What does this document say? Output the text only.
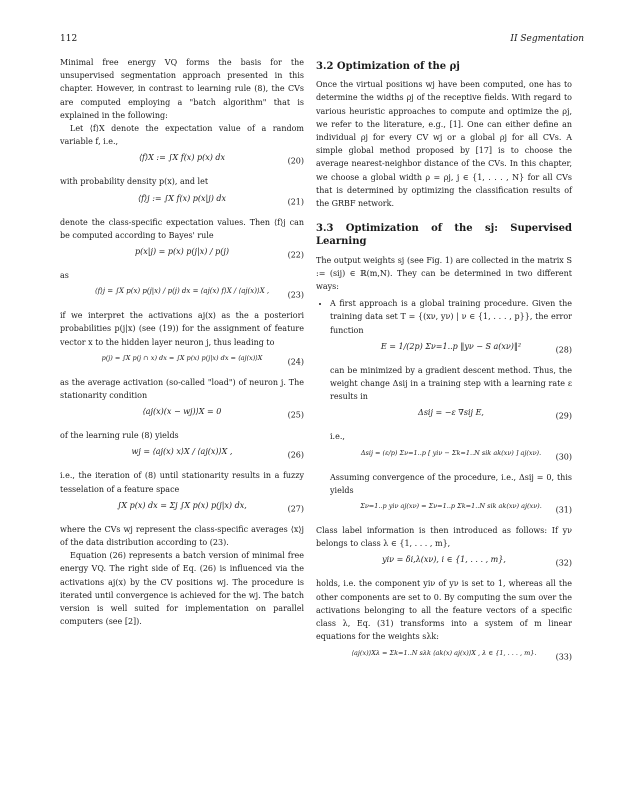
112	II Segmentation

Minimal free energy VQ forms the basis for the unsupervised segmentation approach presented in this chapter. However, in contrast to learning rule (8), the CVs are computed employing a "batch algorithm" that is explained in the following:

Let ⟨f⟩X denote the expectation value of a random variable f, i.e.,

⟨f⟩X := ∫X f(x) p(x) dx	(20)

with probability density p(x), and let

⟨f⟩j := ∫X f(x) p(x|j) dx	(21)

denote the class-specific expectation values. Then ⟨f⟩j can be computed according to Bayes' rule

p(x|j) = p(x) p(j|x) / p(j)	(22)

as

⟨f⟩j = ∫X p(x) p(j|x) / p(j) dx = ⟨aj(x) f⟩X / ⟨aj(x)⟩X , (23)

if we interpret the activations aj(x) as the a posteriori probabilities p(j|x) (see (19)) for the assignment of feature vector x to the hidden layer neuron j, thus leading to

p(j) = ∫X p(j ∩ x) dx = ∫X p(x) p(j|x) dx = ⟨aj(x)⟩X	(24)

as the average activation (so-called "load") of neuron j. The stationarity condition

⟨aj(x)(x − wj)⟩X = 0	(25)

of the learning rule (8) yields

wj = ⟨aj(x) x⟩X / ⟨aj(x)⟩X ,	(26)

i.e., the iteration of (8) until stationarity results in a fuzzy tesselation of a feature space

∫X p(x) dx = Σj ∫X p(x) p(j|x) dx,	(27)

where the CVs wj represent the class-specific averages ⟨x⟩j of the data distribution according to (23).

Equation (26) represents a batch version of minimal free energy VQ. The right side of Eq. (26) is influenced via the activations aj(x) by the CV positions wj. The procedure is iterated until convergence is achieved for the wj. The batch version is well suited for implementation on parallel computers (see [2]).

3.2 Optimization of the ρj

Once the virtual positions wj have been computed, one has to determine the widths ρj of the receptive fields. With regard to various heuristic approaches to compute and optimize the ρj, we refer to the literature, e.g., [1]. One can either define an individual ρj for every CV wj or a global ρj for all CVs. A simple global method proposed by [17] is to choose the average nearest-neighbor distance of the CVs. In this chapter, we choose a global width ρ = ρj, j ∈ {1, . . . , N} for all CVs that is determined by optimizing the classification results of the GRBF network.

3.3 Optimization of the sj: Supervised Learning

The output weights sj (see Fig. 1) are collected in the matrix S := (sij) ∈ ℝ(m,N). They can be determined in two different ways:

• A first approach is a global training procedure. Given the training data set T = {(xν, yν) | ν ∈ {1, . . . , p}}, the error function

E = 1/(2p) Σν=1..p ‖yν − S a(xν)‖²	(28)

can be minimized by a gradient descent method. Thus, the weight change Δsij in a training step with a learning rate ε results in

Δsij = −ε ∇sij E,	(29)

i.e.,

Δsij = (ε/p) Σν=1..p [ yiν − Σk=1..N sik ak(xν) ] aj(xν). (30)

Assuming convergence of the procedure, i.e., Δsij = 0, this yields

Σν=1..p yiν aj(xν) = Σν=1..p Σk=1..N sik ak(xν) aj(xν). (31)

Class label information is then introduced as follows: If yν belongs to class λ ∈ {1, . . . , m},

yiν = δi,λ(xν), i ∈ {1, . . . , m},	(32)

holds, i.e. the component yiν of yν is set to 1, whereas all the other components are set to 0. By computing the sum over the activations belonging to all the feature vectors of a specific class λ, Eq. (31) transforms into a system of m linear equations for the weights sλk:

⟨aj(x)⟩Xλ = Σk=1..N sλk ⟨ak(x) aj(x)⟩X , λ ∈ {1, . . . , m}. (33)
